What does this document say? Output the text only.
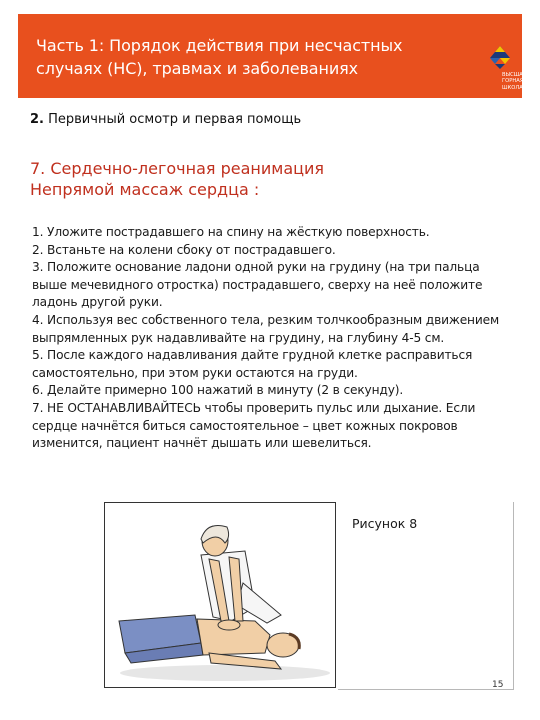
Часть 1: Порядок действия при несчастных
случаях (НС), травмах и заболеваниях	ВЫСШАЯ
ГОРНАЯ
ШКОЛА
2. Первичный осмотр и первая помощь
7. Сердечно-легочная реанимация
Непрямой массаж сердца :

1. Уложите пострадавшего на спину на жёсткую поверхность.

2. Встаньте на колени сбоку от пострадавшего.

3. Положите основание ладони одной руки на грудину (на три пальца выше мечевидного отростка) пострадавшего, сверху на неё положите ладонь другой руки.

4. Используя вес собственного тела, резким толчкообразным движением выпрямленных рук надавливайте на грудину, на глубину 4-5 см.

5. После каждого надавливания дайте грудной клетке расправиться самостоятельно, при этом руки остаются на груди.

6. Делайте примерно 100 нажатий в минуту (2 в секунду).

7. НЕ ОСТАНАВЛИВАЙТЕСЬ чтобы проверить пульс или дыхание. Если сердце начнётся биться самостоятельное – цвет кожных покровов изменится, пациент начнёт дышать или шевелиться.

Рисунок 8
15
